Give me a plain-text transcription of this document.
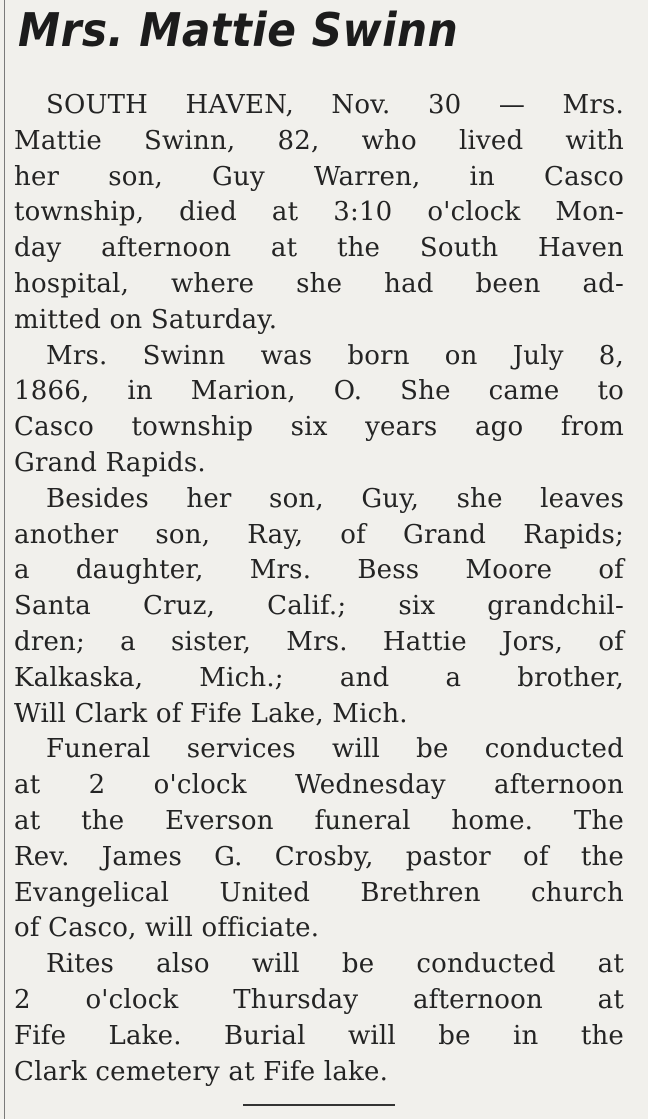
Mrs. Mattie Swinn

SOUTH HAVEN, Nov. 30 — Mrs.
Mattie Swinn, 82, who lived with
her son, Guy Warren, in Casco
township, died at 3:10 o'clock Mon-
day afternoon at the South Haven
hospital, where she had been ad-
mitted on Saturday.

Mrs. Swinn was born on July 8,
1866, in Marion, O. She came to
Casco township six years ago from
Grand Rapids.

Besides her son, Guy, she leaves
another son, Ray, of Grand Rapids;
a daughter, Mrs. Bess Moore of
Santa Cruz, Calif.; six grandchil-
dren; a sister, Mrs. Hattie Jors, of
Kalkaska, Mich.; and a brother,
Will Clark of Fife Lake, Mich.

Funeral services will be conducted
at 2 o'clock Wednesday afternoon
at the Everson funeral home. The
Rev. James G. Crosby, pastor of the
Evangelical United Brethren church
of Casco, will officiate.

Rites also will be conducted at
2 o'clock Thursday afternoon at
Fife Lake. Burial will be in the
Clark cemetery at Fife lake.
